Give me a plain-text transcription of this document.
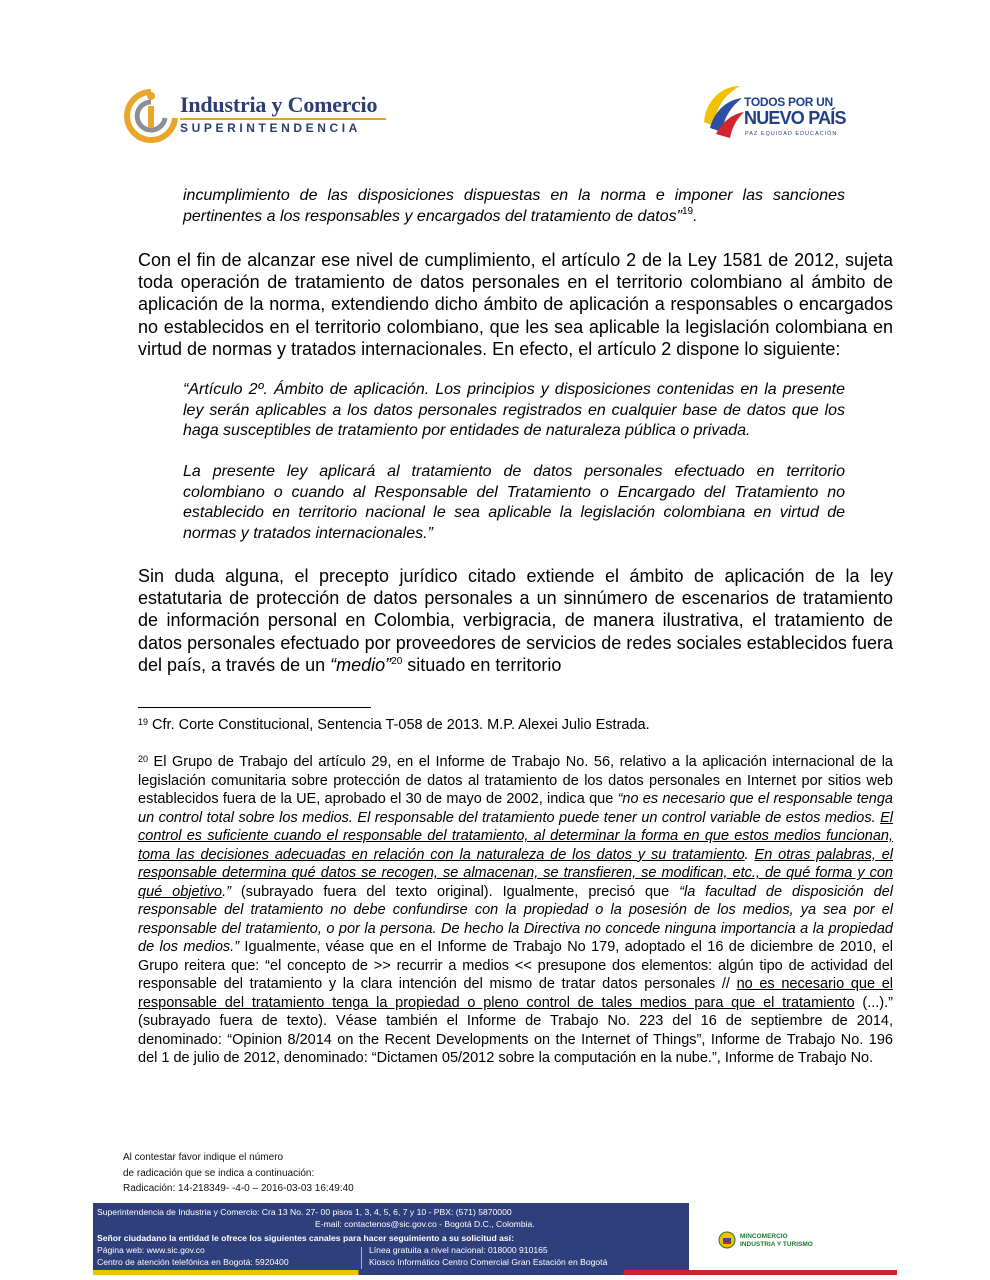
Industria y Comercio
SUPERINTENDENCIA
TODOS POR UN
NUEVO PAÍS
PAZ EQUIDAD EDUCACIÓN

incumplimiento de las disposiciones dispuestas en la norma e imponer las sanciones pertinentes a los responsables y encargados del tratamiento de datos”$^{19}$.

Con el fin de alcanzar ese nivel de cumplimiento, el artículo 2 de la Ley 1581 de 2012, sujeta toda operación de tratamiento de datos personales en el territorio colombiano al ámbito de aplicación de la norma, extendiendo dicho ámbito de aplicación a responsables o encargados no establecidos en el territorio colombiano, que les sea aplicable la legislación colombiana en virtud de normas y tratados internacionales. En efecto, el artículo 2 dispone lo siguiente:

“Artículo 2º. Ámbito de aplicación. Los principios y disposiciones contenidas en la presente ley serán aplicables a los datos personales registrados en cualquier base de datos que los haga susceptibles de tratamiento por entidades de naturaleza pública o privada.

La presente ley aplicará al tratamiento de datos personales efectuado en territorio colombiano o cuando al Responsable del Tratamiento o Encargado del Tratamiento no establecido en territorio nacional le sea aplicable la legislación colombiana en virtud de normas y tratados internacionales.”

Sin duda alguna, el precepto jurídico citado extiende el ámbito de aplicación de la ley estatutaria de protección de datos personales a un sinnúmero de escenarios de tratamiento de información personal en Colombia, verbigracia, de manera ilustrativa, el tratamiento de datos personales efectuado por proveedores de servicios de redes sociales establecidos fuera del país, a través de un “medio”$^{20}$ situado en territorio

$^{19}$ Cfr. Corte Constitucional, Sentencia T-058 de 2013. M.P. Alexei Julio Estrada.

$^{20}$ El Grupo de Trabajo del artículo 29, en el Informe de Trabajo No. 56, relativo a la aplicación internacional de la legislación comunitaria sobre protección de datos al tratamiento de los datos personales en Internet por sitios web establecidos fuera de la UE, aprobado el 30 de mayo de 2002, indica que “no es necesario que el responsable tenga un control total sobre los medios. El responsable del tratamiento puede tener un control variable de estos medios. El control es suficiente cuando el responsable del tratamiento, al determinar la forma en que estos medios funcionan, toma las decisiones adecuadas en relación con la naturaleza de los datos y su tratamiento. En otras palabras, el responsable determina qué datos se recogen, se almacenan, se transfieren, se modifican, etc., de qué forma y con qué objetivo.” (subrayado fuera del texto original). Igualmente, precisó que “la facultad de disposición del responsable del tratamiento no debe confundirse con la propiedad o la posesión de los medios, ya sea por el responsable del tratamiento, o por la persona. De hecho la Directiva no concede ninguna importancia a la propiedad de los medios.” Igualmente, véase que en el Informe de Trabajo No 179, adoptado el 16 de diciembre de 2010, el Grupo reitera que: “el concepto de >> recurrir a medios << presupone dos elementos: algún tipo de actividad del responsable del tratamiento y la clara intención del mismo de tratar datos personales // no es necesario que el responsable del tratamiento tenga la propiedad o pleno control de tales medios para que el tratamiento (...).” (subrayado fuera de texto). Véase también el Informe de Trabajo No. 223 del 16 de septiembre de 2014, denominado: “Opinion 8/2014 on the Recent Developments on the Internet of Things”, Informe de Trabajo No. 196 del 1 de julio de 2012, denominado: “Dictamen 05/2012 sobre la computación en la nube.”, Informe de Trabajo No.

Al contestar favor indique el número
de radicación que se indica a continuación:
Radicación: 14-218349- -4-0 – 2016-03-03 16:49:40
Superintendencia de Industria y Comercio: Cra 13 No. 27- 00 pisos 1, 3, 4, 5, 6, 7 y 10 - PBX: (571) 5870000
E-mail: contactenos@sic.gov.co - Bogotá D.C., Colombia.
Señor ciudadano la entidad le ofrece los siguientes canales para hacer seguimiento a su solicitud así:
Página web: www.sic.gov.co
Centro de atención telefónica en Bogotá: 5920400
Línea gratuita a nivel nacional: 018000 910165
Kiosco Informático Centro Comercial Gran Estación en Bogotá
MINCOMERCIO
INDUSTRIA Y TURISMO
